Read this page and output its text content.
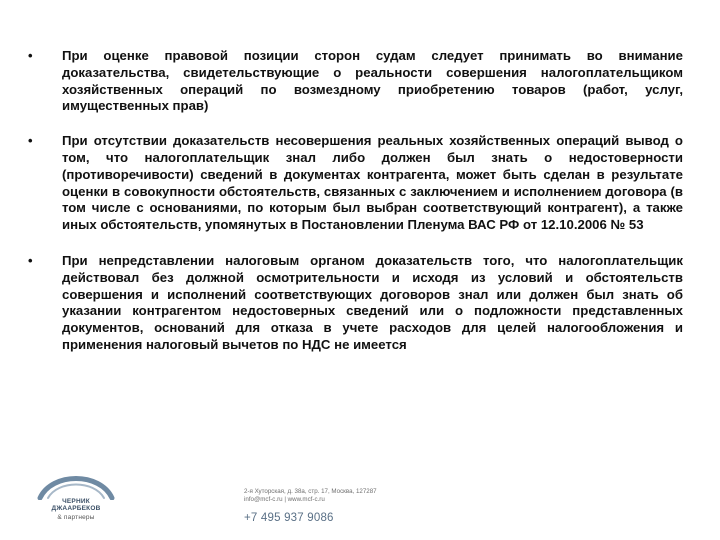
•	При оценке правовой позиции сторон судам следует принимать во внимание доказательства, свидетельствующие о реальности совершения налогоплательщиком хозяйственных операций по возмездному приобретению товаров (работ, услуг, имущественных прав)
•	При отсутствии доказательств несовершения реальных хозяйственных операций вывод о том, что налогоплательщик знал либо должен был знать о недостоверности (противоречивости) сведений в документах контрагента, может быть сделан в результате оценки в совокупности обстоятельств, связанных с заключением и исполнением договора (в том числе с основаниями, по которым был выбран соответствующий контрагент), а также иных обстоятельств, упомянутых в Постановлении Пленума ВАС РФ от 12.10.2006 № 53
•	При непредставлении налоговым органом доказательств того, что налогоплательщик действовал без должной осмотрительности и исходя из условий и обстоятельств совершения и исполнений соответствующих договоров знал или должен был знать об указании контрагентом недостоверных сведений или о подложности представленных документов, оснований для отказа в учете расходов для целей налогообложения и применения налоговый вычетов по НДС не имеется
ЧЕРНИК
ДЖААРБЕКОВ
& партнеры
2-я Хуторская, д. 38а, стр. 17, Москва, 127287
info@mcf-c.ru | www.mcf-c.ru
+7 495 937 9086
